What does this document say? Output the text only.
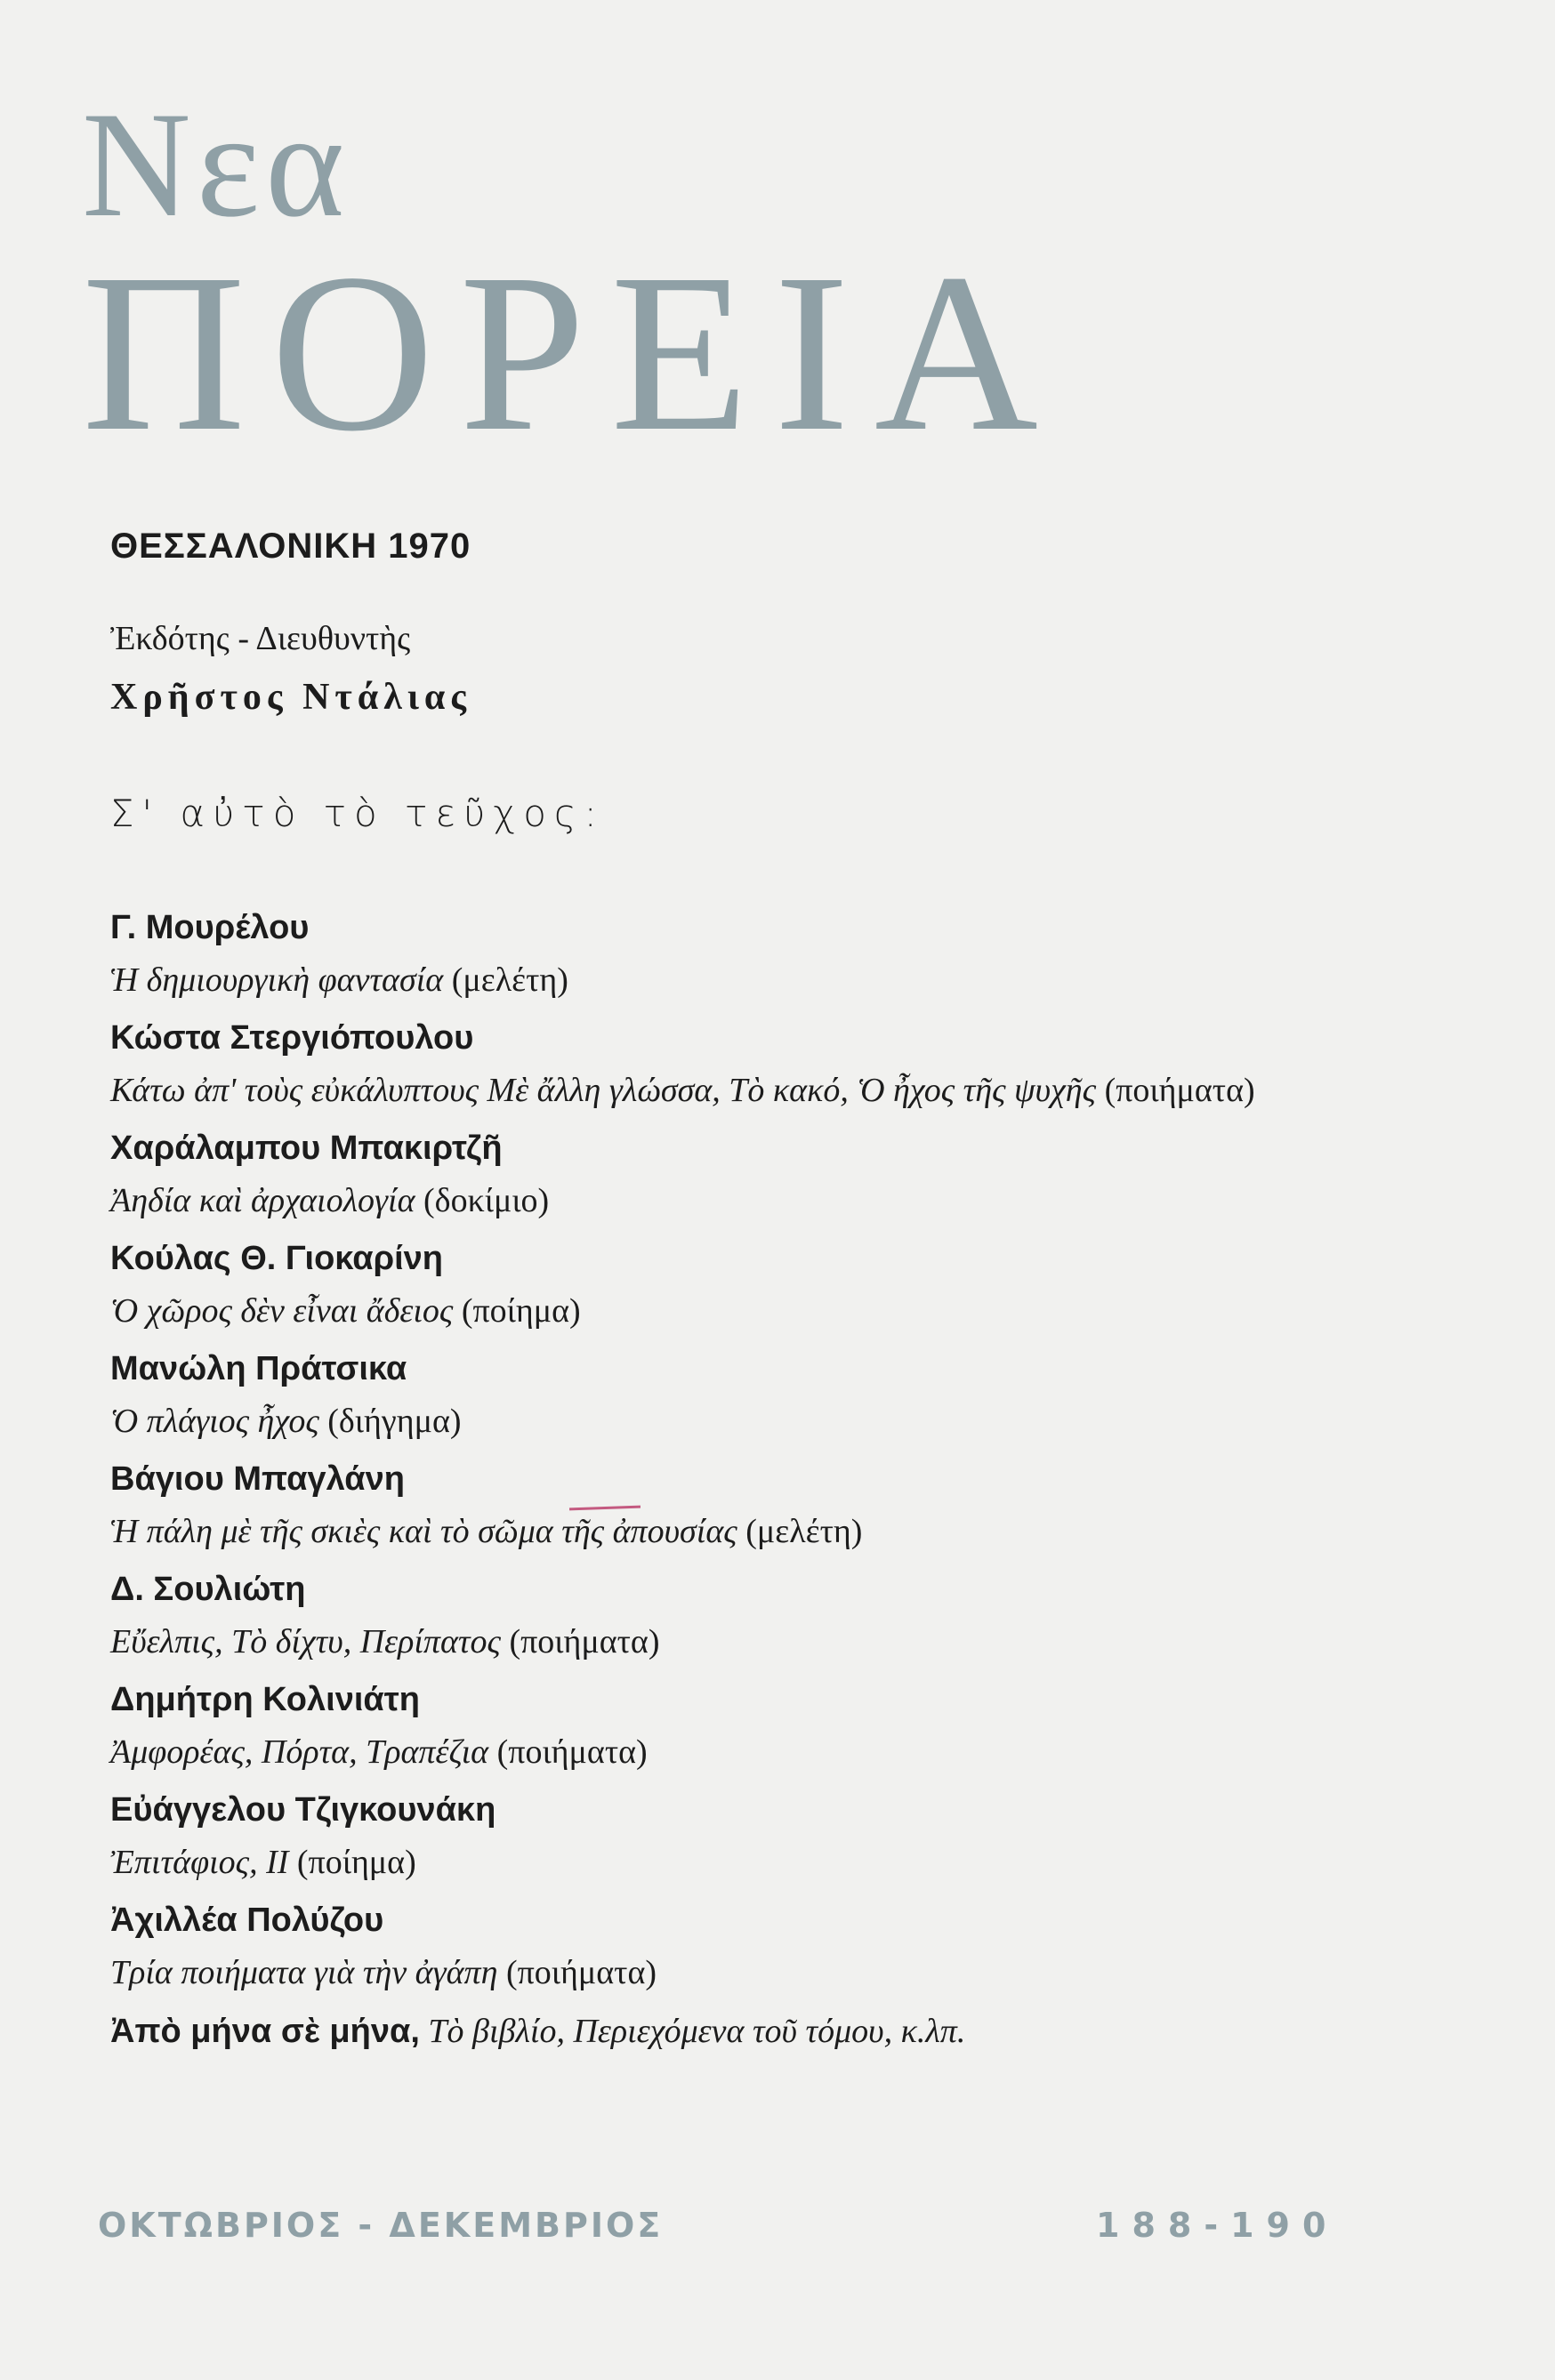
Νεα
ΠΟΡΕΙΑ
ΘΕΣΣΑΛΟΝΙΚΗ 1970
Ἐκδότης - Διευθυντὴς
Χρῆστος Ντάλιας
Σ' αὐτὸ τὸ τεῦχος:
Γ. Μουρέλου
Ἡ δημιουργικὴ φαντασία (μελέτη)
Κώστα Στεργιόπουλου
Κάτω ἀπ' τοὺς εὐκάλυπτους Μὲ ἄλλη γλώσσα, Τὸ κακό, Ὁ ἦχος τῆς ψυχῆς (ποιήματα)
Χαράλαμπου Μπακιρτζῆ
Ἀηδία καὶ ἀρχαιολογία (δοκίμιο)
Κούλας Θ. Γιοκαρίνη
Ὁ χῶρος δὲν εἶναι ἄδειος (ποίημα)
Μανώλη Πράτσικα
Ὁ πλάγιος ἦχος (διήγημα)
Βάγιου Μπαγλάνη
Ἡ πάλη μὲ τῆς σκιὲς καὶ τὸ σῶμα τῆς ἀπουσίας (μελέτη)
Δ. Σουλιώτη
Εὔελπις, Τὸ δίχτυ, Περίπατος (ποιήματα)
Δημήτρη Κολινιάτη
Ἀμφορέας, Πόρτα, Τραπέζια (ποιήματα)
Εὐάγγελου Τζιγκουνάκη
Ἐπιτάφιος, ΙΙ (ποίημα)
Ἀχιλλέα Πολύζου
Τρία ποιήματα γιὰ τὴν ἀγάπη (ποιήματα)
Ἀπὸ μήνα σὲ μήνα, Τὸ βιβλίο, Περιεχόμενα τοῦ τόμου, κ.λπ.
ΟΚΤΩΒΡΙΟΣ - ΔΕΚΕΜΒΡΙΟΣ	188-190
